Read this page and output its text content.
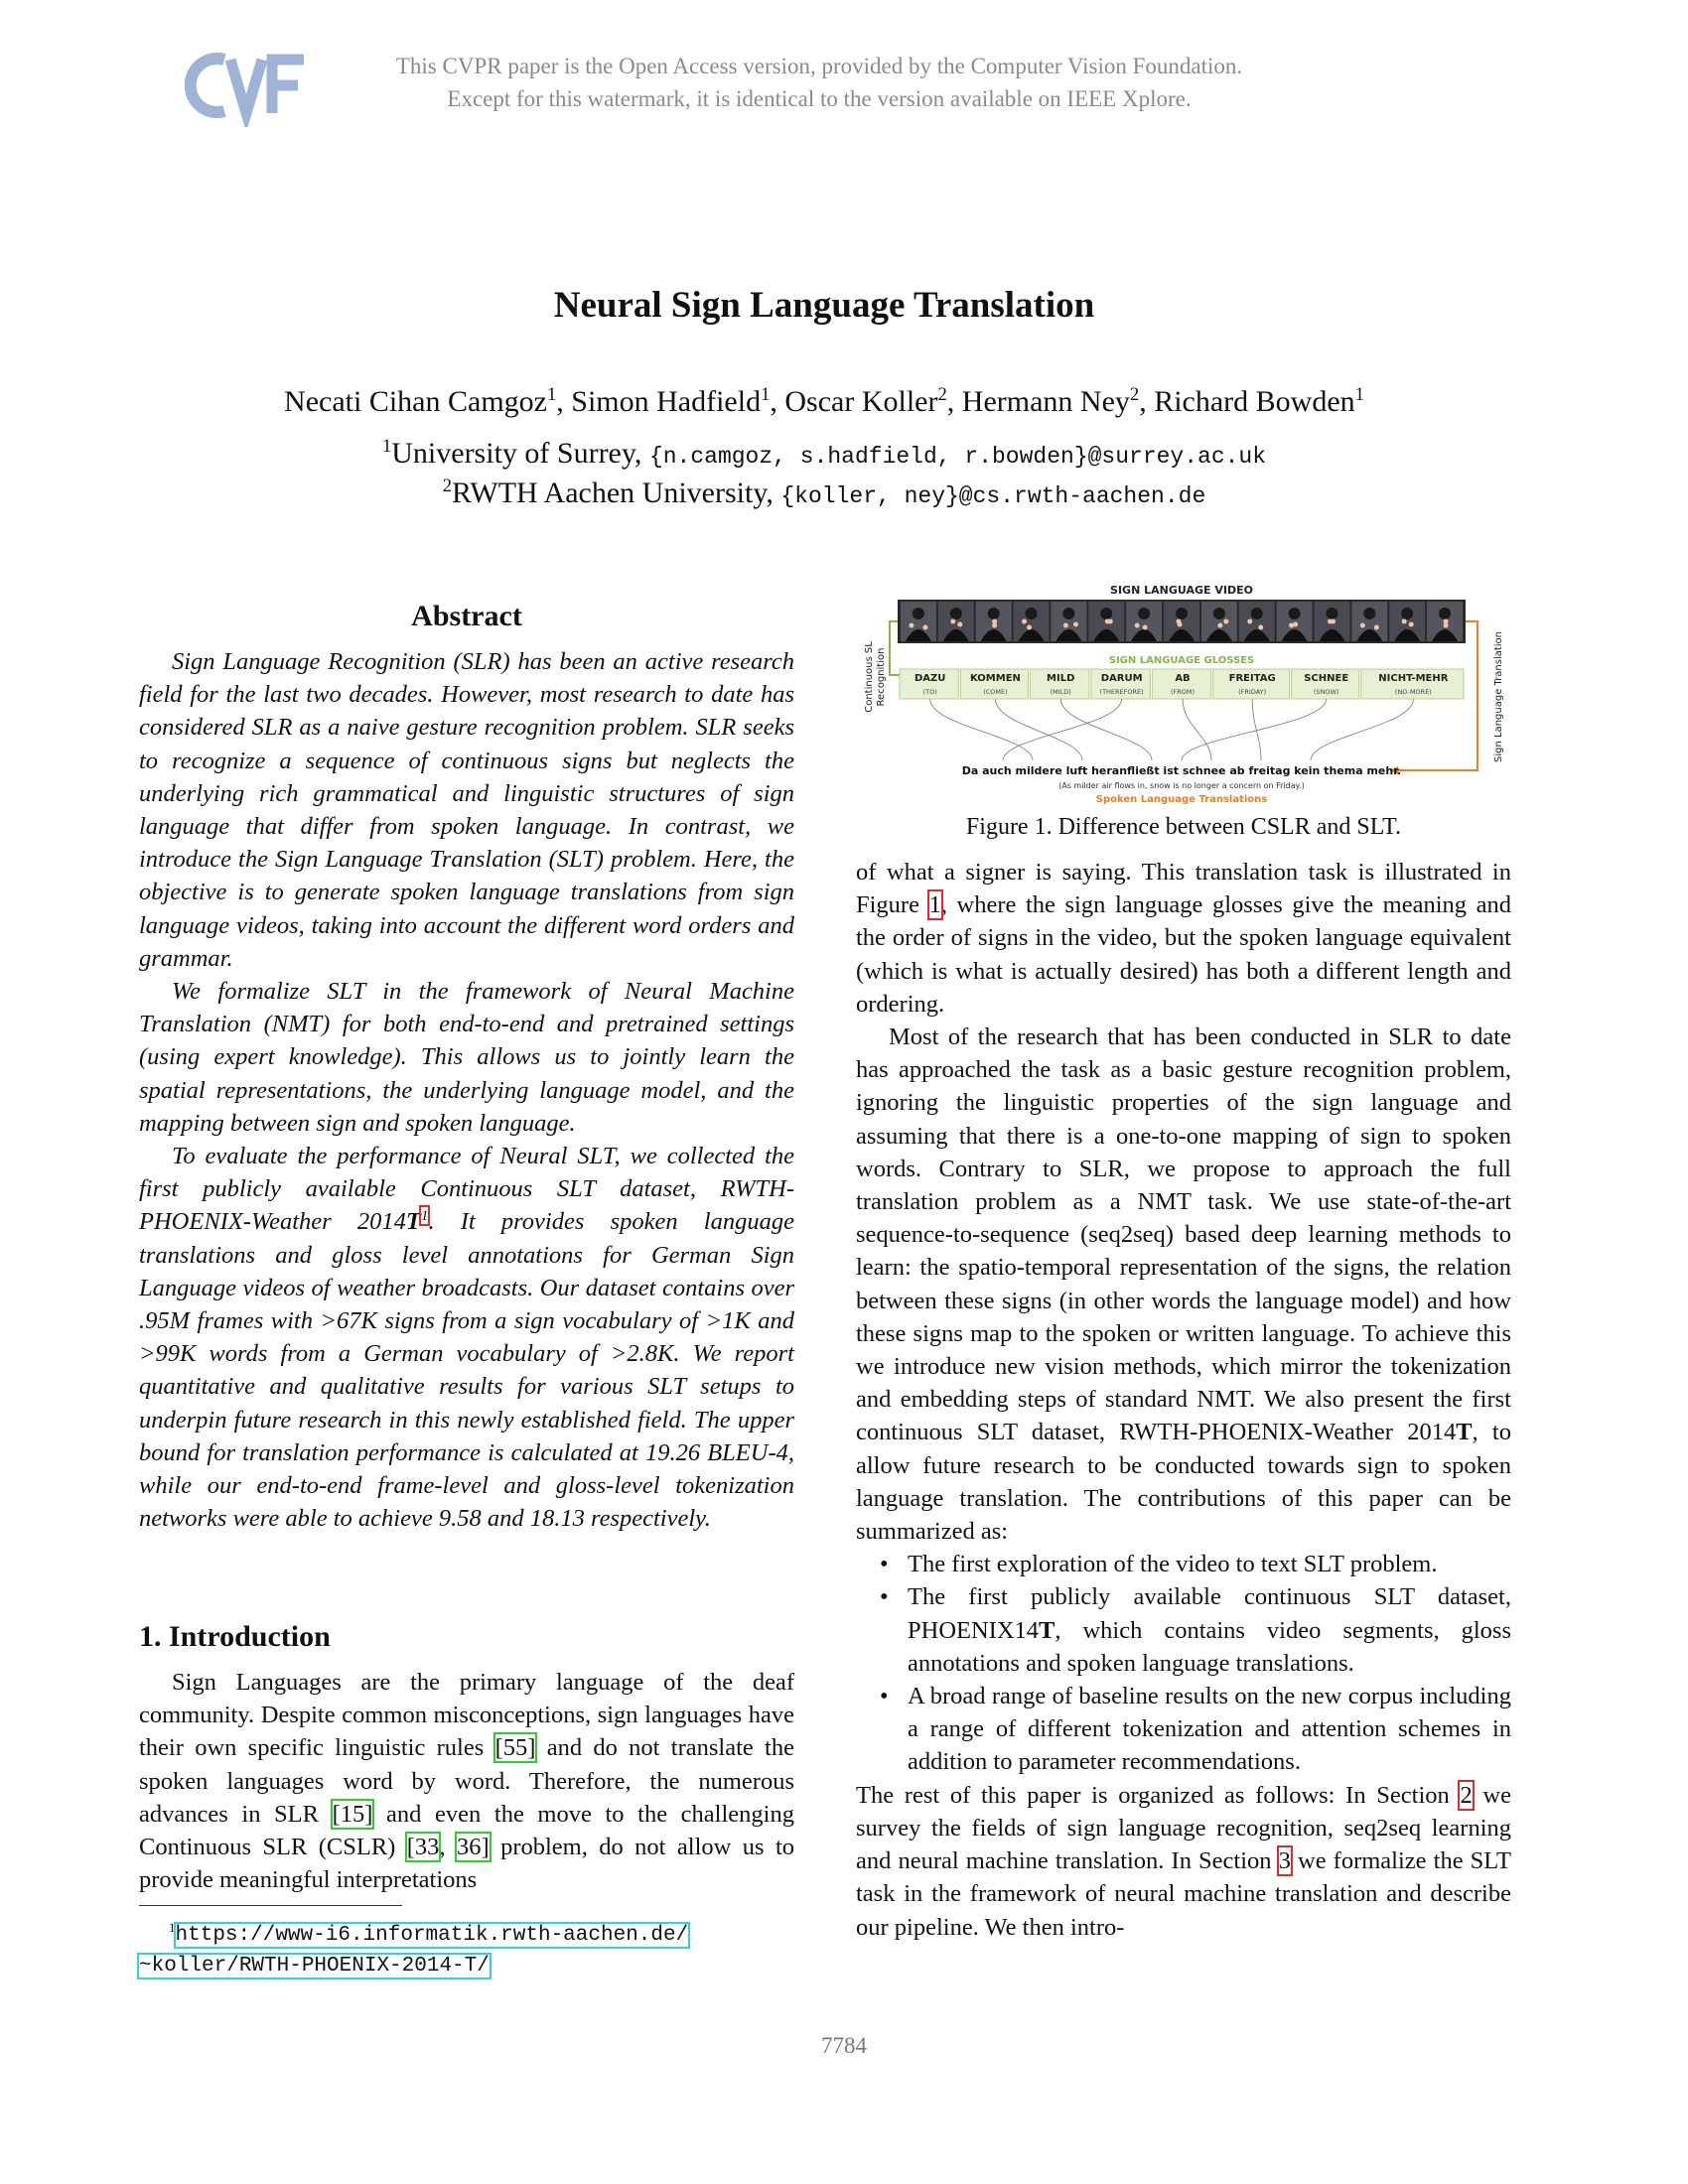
This CVPR paper is the Open Access version, provided by the Computer Vision Foundation.
Except for this watermark, it is identical to the version available on IEEE Xplore.
Neural Sign Language Translation
Necati Cihan Camgoz$^1$, Simon Hadfield$^1$, Oscar Koller$^2$, Hermann Ney$^2$, Richard Bowden$^1$
$^1$University of Surrey, {n.camgoz, s.hadfield, r.bowden}@surrey.ac.uk
$^2$RWTH Aachen University, {koller, ney}@cs.rwth-aachen.de
Abstract

Sign Language Recognition (SLR) has been an active research field for the last two decades. However, most research to date has considered SLR as a naive gesture recognition problem. SLR seeks to recognize a sequence of continuous signs but neglects the underlying rich grammatical and linguistic structures of sign language that differ from spoken language. In contrast, we introduce the Sign Language Translation (SLT) problem. Here, the objective is to generate spoken language translations from sign language videos, taking into account the different word orders and grammar.

We formalize SLT in the framework of Neural Machine Translation (NMT) for both end-to-end and pretrained settings (using expert knowledge). This allows us to jointly learn the spatial representations, the underlying language model, and the mapping between sign and spoken language.

To evaluate the performance of Neural SLT, we collected the first publicly available Continuous SLT dataset, RWTH-PHOENIX-Weather 2014T$^1$. It provides spoken language translations and gloss level annotations for German Sign Language videos of weather broadcasts. Our dataset contains over .95M frames with >67K signs from a sign vocabulary of >1K and >99K words from a German vocabulary of >2.8K. We report quantitative and qualitative results for various SLT setups to underpin future research in this newly established field. The upper bound for translation performance is calculated at 19.26 BLEU-4, while our end-to-end frame-level and gloss-level tokenization networks were able to achieve 9.58 and 18.13 respectively.

1. Introduction

Sign Languages are the primary language of the deaf community. Despite common misconceptions, sign languages have their own specific linguistic rules [55] and do not translate the spoken languages word by word. Therefore, the numerous advances in SLR [15] and even the move to the challenging Continuous SLR (CSLR) [33, 36] problem, do not allow us to provide meaningful interpretations

$^1$https://www-i6.informatik.rwth-aachen.de/
~koller/RWTH-PHOENIX-2014-T/
SIGN LANGUAGE VIDEO
Continuous SL Recognition	Sign Language Translation
SIGN LANGUAGE GLOSSES
DAZU
(TO)
KOMMEN
(COME)
MILD
(MILD)
DARUM
(THEREFORE)
AB
(FROM)
FREITAG
(FRIDAY)
SCHNEE
(SNOW)
NICHT-MEHR
(NO-MORE)
Da auch mildere luft heranfließt ist schnee ab freitag kein thema mehr.
(As milder air flows in, snow is no longer a concern on Friday.)
Spoken Language Translations
Figure 1. Difference between CSLR and SLT.

of what a signer is saying. This translation task is illustrated in Figure 1, where the sign language glosses give the meaning and the order of signs in the video, but the spoken language equivalent (which is what is actually desired) has both a different length and ordering.

Most of the research that has been conducted in SLR to date has approached the task as a basic gesture recognition problem, ignoring the linguistic properties of the sign language and assuming that there is a one-to-one mapping of sign to spoken words. Contrary to SLR, we propose to approach the full translation problem as a NMT task. We use state-of-the-art sequence-to-sequence (seq2seq) based deep learning methods to learn: the spatio-temporal representation of the signs, the relation between these signs (in other words the language model) and how these signs map to the spoken or written language. To achieve this we introduce new vision methods, which mirror the tokenization and embedding steps of standard NMT. We also present the first continuous SLT dataset, RWTH-PHOENIX-Weather 2014T, to allow future research to be conducted towards sign to spoken language translation. The contributions of this paper can be summarized as:

• The first exploration of the video to text SLT problem.
• The first publicly available continuous SLT dataset, PHOENIX14T, which contains video segments, gloss annotations and spoken language translations.
• A broad range of baseline results on the new corpus including a range of different tokenization and attention schemes in addition to parameter recommendations.

The rest of this paper is organized as follows: In Section 2 we survey the fields of sign language recognition, seq2seq learning and neural machine translation. In Section 3 we formalize the SLT task in the framework of neural machine translation and describe our pipeline. We then intro-

7784
